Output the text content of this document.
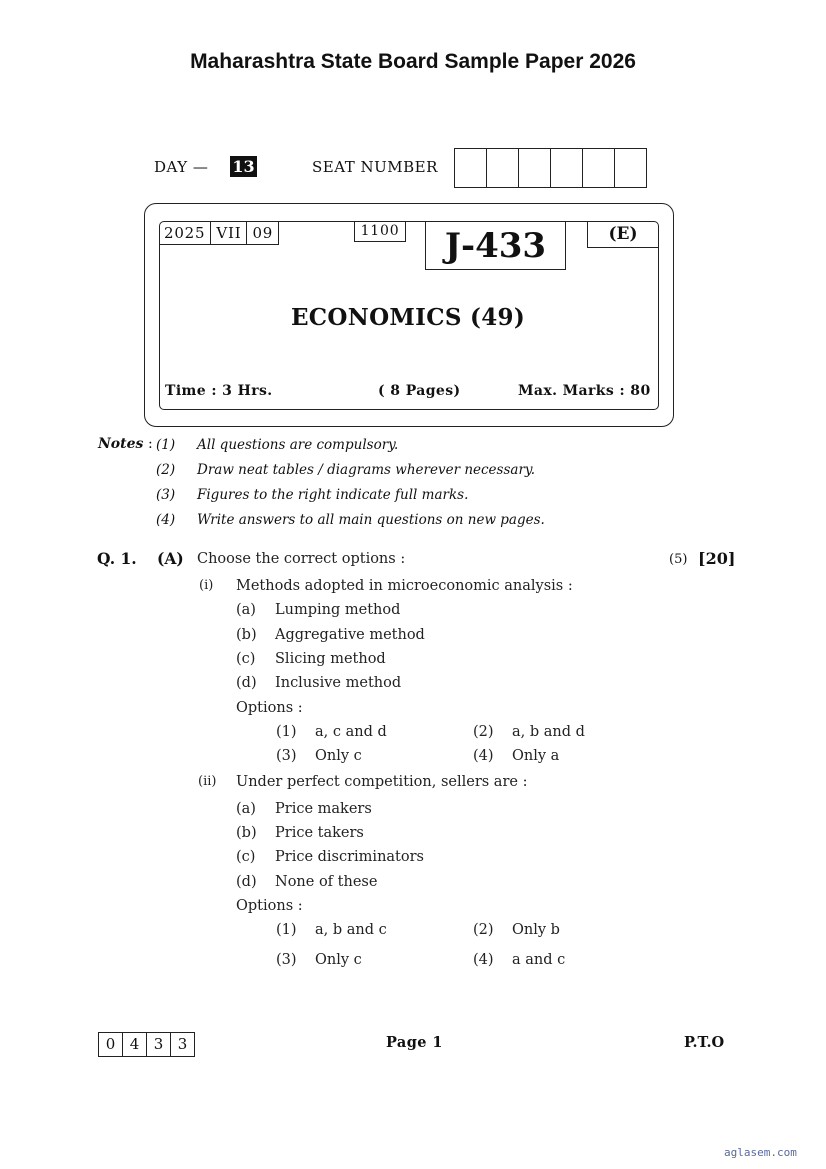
Maharashtra State Board Sample Paper 2026
DAY — 13	SEAT NUMBER
2025 VII 09	1100	J-433	(E)
ECONOMICS (49)
Time : 3 Hrs.	( 8 Pages)	Max. Marks : 80
Notes : (1) All questions are compulsory.
(2) Draw neat tables / diagrams wherever necessary.
(3) Figures to the right indicate full marks.
(4) Write answers to all main questions on new pages.
Q. 1. (A) Choose the correct options :	(5) [20]
(i) Methods adopted in microeconomic analysis :
(a) Lumping method
(b) Aggregative method
(c) Slicing method
(d) Inclusive method
Options :
(1) a, c and d	(2) a, b and d
(3) Only c	(4) Only a
(ii) Under perfect competition, sellers are :
(a) Price makers
(b) Price takers
(c) Price discriminators
(d) None of these
Options :
(1) a, b and c	(2) Only b
(3) Only c	(4) a and c
0 4 3 3	Page 1	P.T.O
aglasem.com
